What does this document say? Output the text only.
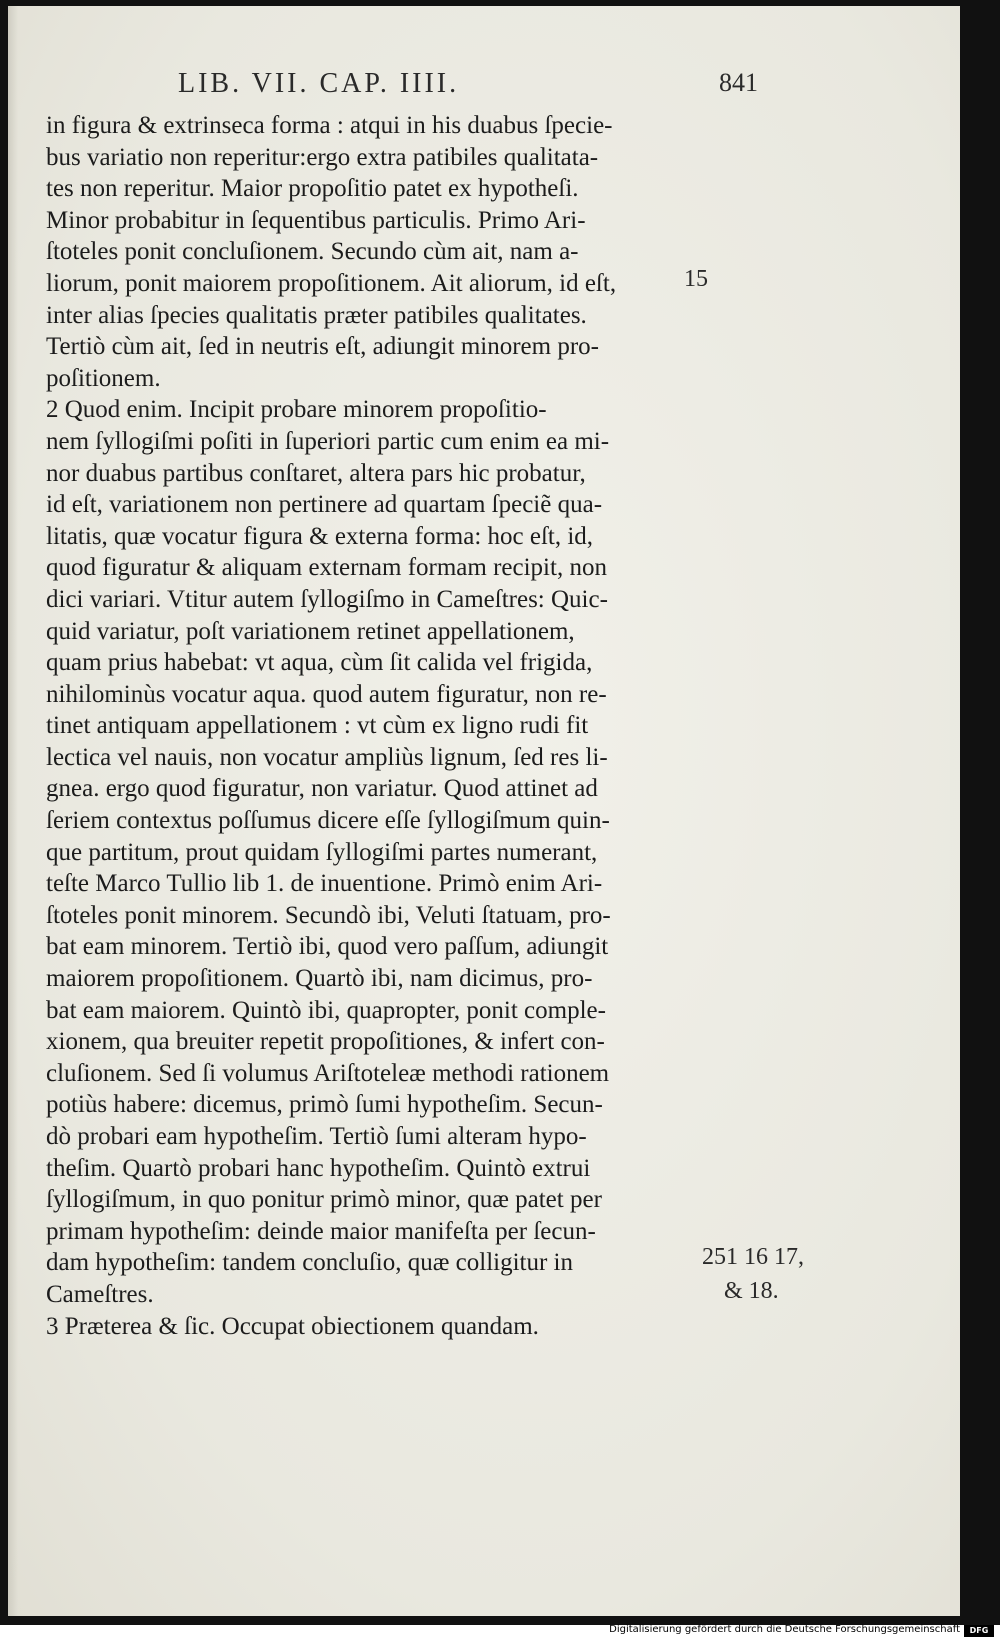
LIB. VII. CAP. IIII.	841
in figura & extrinseca forma : atqui in his duabus ſpecie-
bus variatio non reperitur:ergo extra patibiles qualitata-
tes non reperitur. Maior propoſitio patet ex hypotheſi.
Minor probabitur in ſequentibus particulis. Primo Ari-
ſtoteles ponit concluſionem. Secundo cùm ait, nam a-
liorum, ponit maiorem propoſitionem. Ait aliorum, id eſt,
inter alias ſpecies qualitatis præter patibiles qualitates.
Tertiò cùm ait, ſed in neutris eſt, adiungit minorem pro-
poſitionem.
2 Quod enim. Incipit probare minorem propoſitio-
nem ſyllogiſmi poſiti in ſuperiori partic cum enim ea mi-
nor duabus partibus conſtaret, altera pars hic probatur,
id eſt, variationem non pertinere ad quartam ſpeciẽ qua-
litatis, quæ vocatur figura & externa forma: hoc eſt, id,
quod figuratur & aliquam externam formam recipit, non
dici variari. Vtitur autem ſyllogiſmo in Cameſtres: Quic-
quid variatur, poſt variationem retinet appellationem,
quam prius habebat: vt aqua, cùm ſit calida vel frigida,
nihilominùs vocatur aqua. quod autem figuratur, non re-
tinet antiquam appellationem : vt cùm ex ligno rudi fit
lectica vel nauis, non vocatur ampliùs lignum, ſed res li-
gnea. ergo quod figuratur, non variatur. Quod attinet ad
ſeriem contextus poſſumus dicere eſſe ſyllogiſmum quin-
que partitum, prout quidam ſyllogiſmi partes numerant,
teſte Marco Tullio lib 1. de inuentione. Primò enim Ari-
ſtoteles ponit minorem. Secundò ibi, Veluti ſtatuam, pro-
bat eam minorem. Tertiò ibi, quod vero paſſum, adiungit
maiorem propoſitionem. Quartò ibi, nam dicimus, pro-
bat eam maiorem. Quintò ibi, quapropter, ponit comple-
xionem, qua breuiter repetit propoſitiones, & infert con-
cluſionem. Sed ſi volumus Ariſtoteleæ methodi rationem
potiùs habere: dicemus, primò ſumi hypotheſim. Secun-
dò probari eam hypotheſim. Tertiò ſumi alteram hypo-
theſim. Quartò probari hanc hypotheſim. Quintò extrui
ſyllogiſmum, in quo ponitur primò minor, quæ patet per
primam hypotheſim: deinde maior manifeſta per ſecun-
dam hypotheſim: tandem concluſio, quæ colligitur in
Cameſtres.
3 Præterea & ſic. Occupat obiectionem quandam.
15
251 16 17,
& 18.
Digitalisierung gefördert durch die Deutsche Forschungsgemeinschaft	DFG
